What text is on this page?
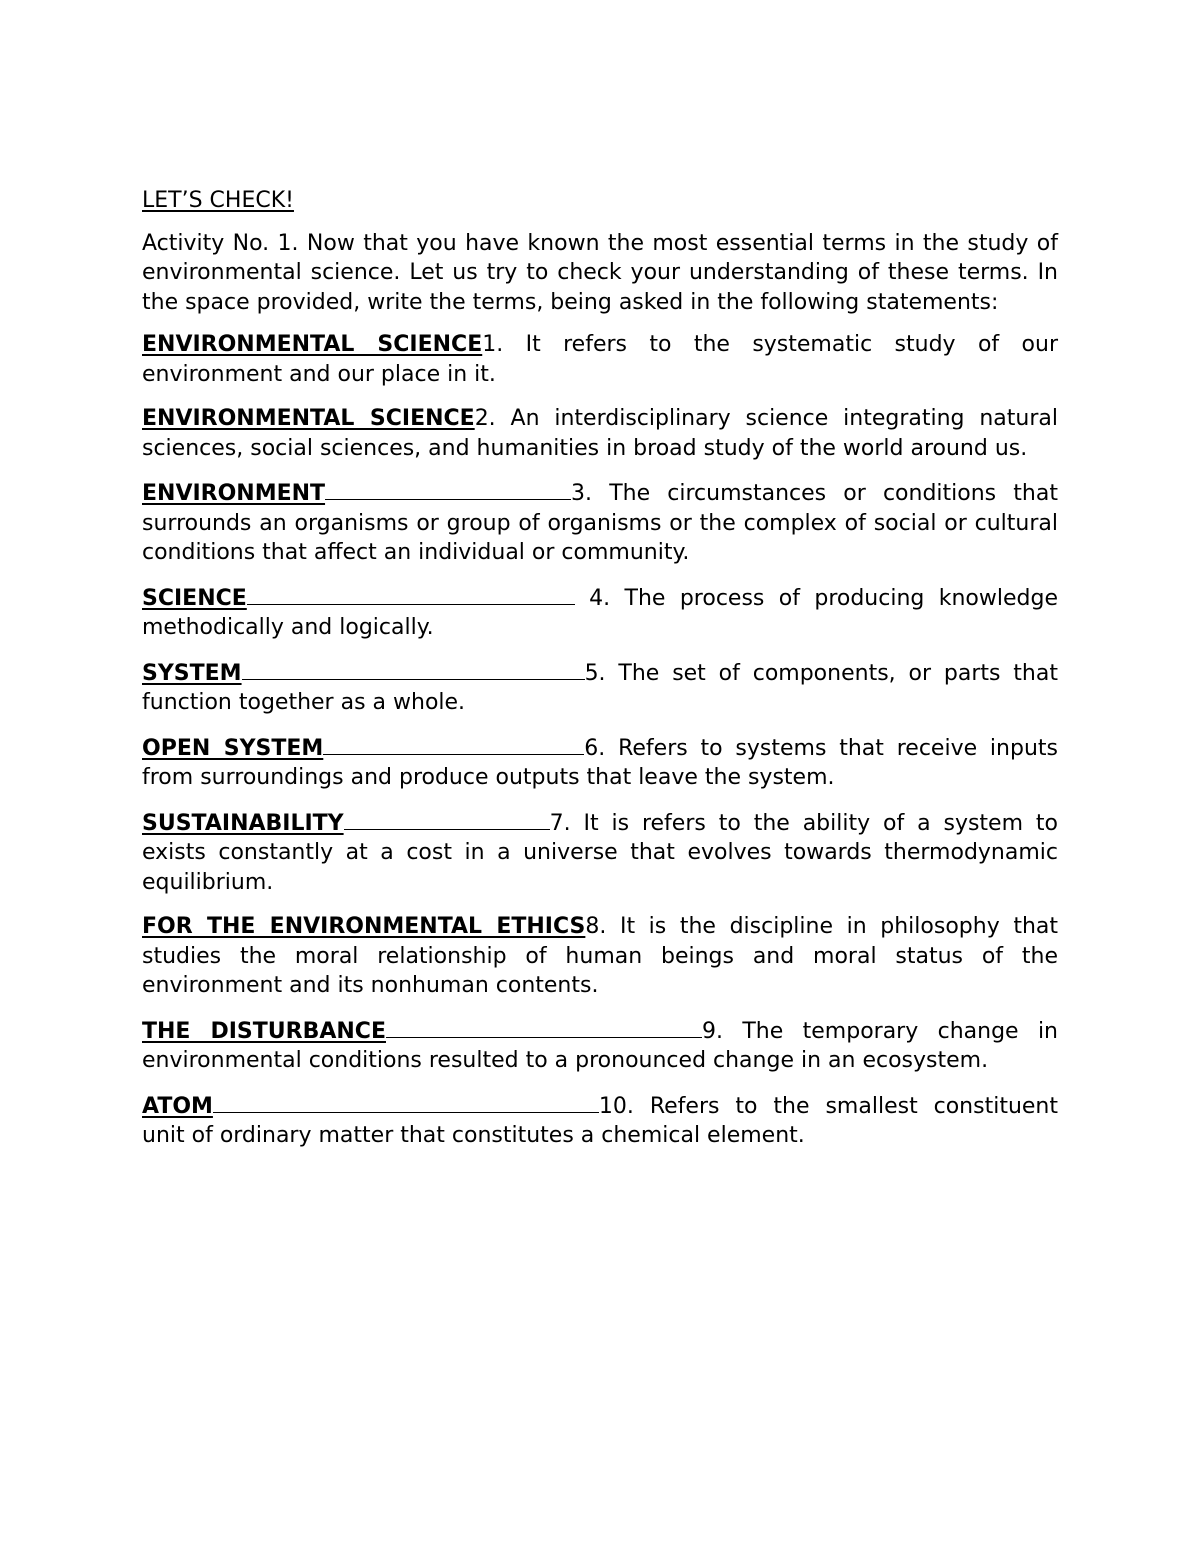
LET’S CHECK!

Activity No. 1. Now that you have known the most essential terms in the study of environmental science. Let us try to check your understanding of these terms. In the space provided, write the terms, being asked in the following statements:

ENVIRONMENTAL SCIENCE1. It refers to the systematic study of our environment and our place in it.

ENVIRONMENTAL SCIENCE2. An interdisciplinary science integrating natural sciences, social sciences, and humanities in broad study of the world around us.

ENVIRONMENT	3. The circumstances or conditions that surrounds an organisms or group of organisms or the complex of social or cultural conditions that affect an individual or community.

SCIENCE	4. The process of producing knowledge methodically and logically.

SYSTEM	5. The set of components, or parts that function together as a whole.

OPEN SYSTEM	6. Refers to systems that receive inputs from surroundings and produce outputs that leave the system.

SUSTAINABILITY	7. It is refers to the ability of a system to exists constantly at a cost in a universe that evolves towards thermodynamic equilibrium.

FOR THE ENVIRONMENTAL ETHICS8. It is the discipline in philosophy that studies the moral relationship of human beings and moral status of the environment and its nonhuman contents.

THE DISTURBANCE	9. The temporary change in environmental conditions resulted to a pronounced change in an ecosystem.

ATOM	10. Refers to the smallest constituent unit of ordinary matter that constitutes a chemical element.
